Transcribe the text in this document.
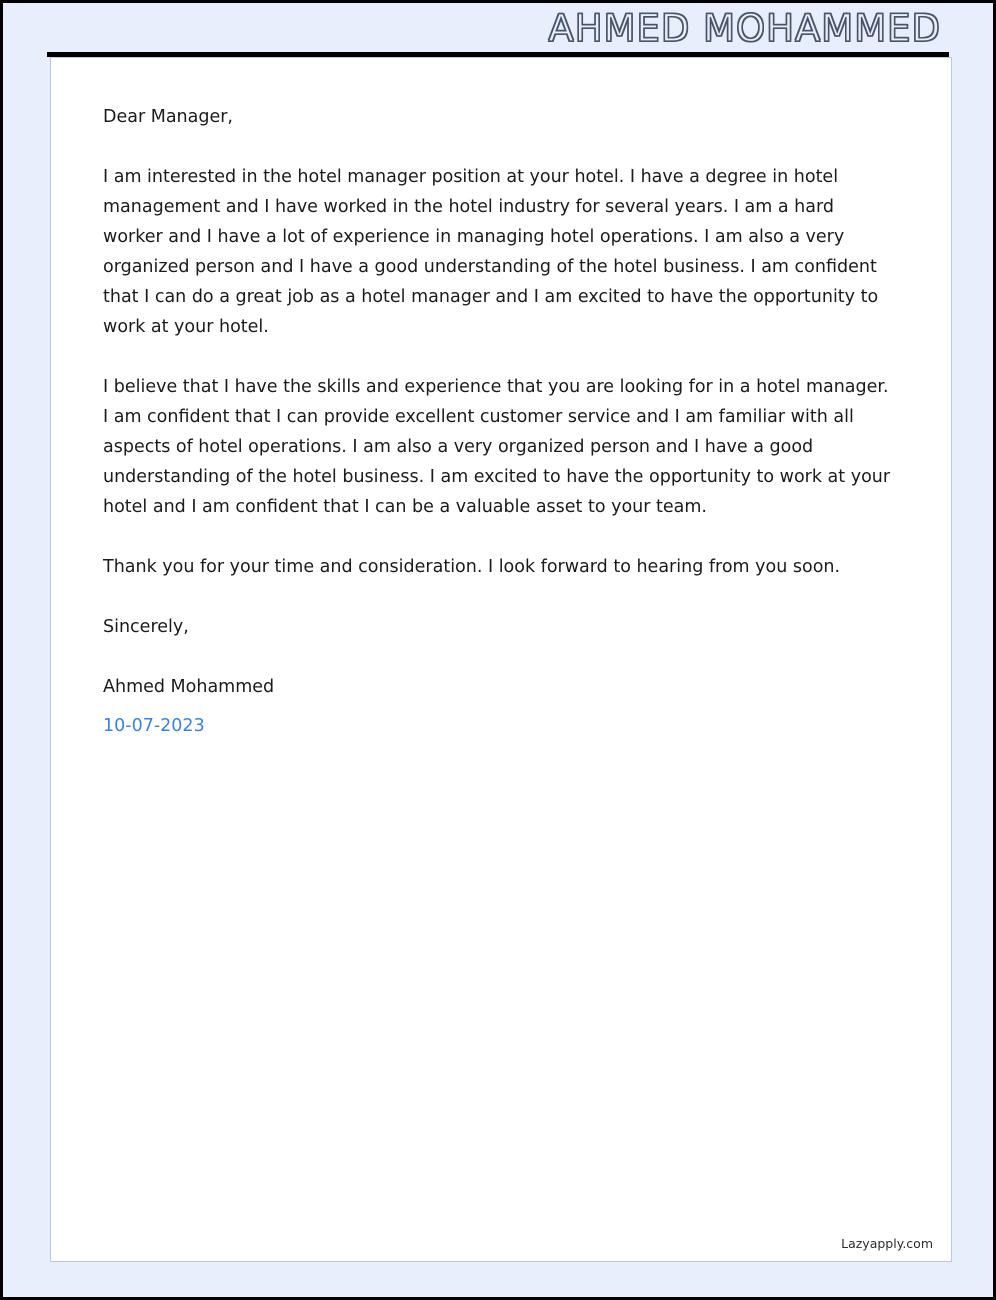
AHMED MOHAMMED

Dear Manager,

I am interested in the hotel manager position at your hotel. I have a degree in hotel management and I have worked in the hotel industry for several years. I am a hard worker and I have a lot of experience in managing hotel operations. I am also a very organized person and I have a good understanding of the hotel business. I am confident that I can do a great job as a hotel manager and I am excited to have the opportunity to work at your hotel.

I believe that I have the skills and experience that you are looking for in a hotel manager. I am confident that I can provide excellent customer service and I am familiar with all aspects of hotel operations. I am also a very organized person and I have a good understanding of the hotel business. I am excited to have the opportunity to work at your hotel and I am confident that I can be a valuable asset to your team.

Thank you for your time and consideration. I look forward to hearing from you soon.

Sincerely,

Ahmed Mohammed

10-07-2023

Lazyapply.com
